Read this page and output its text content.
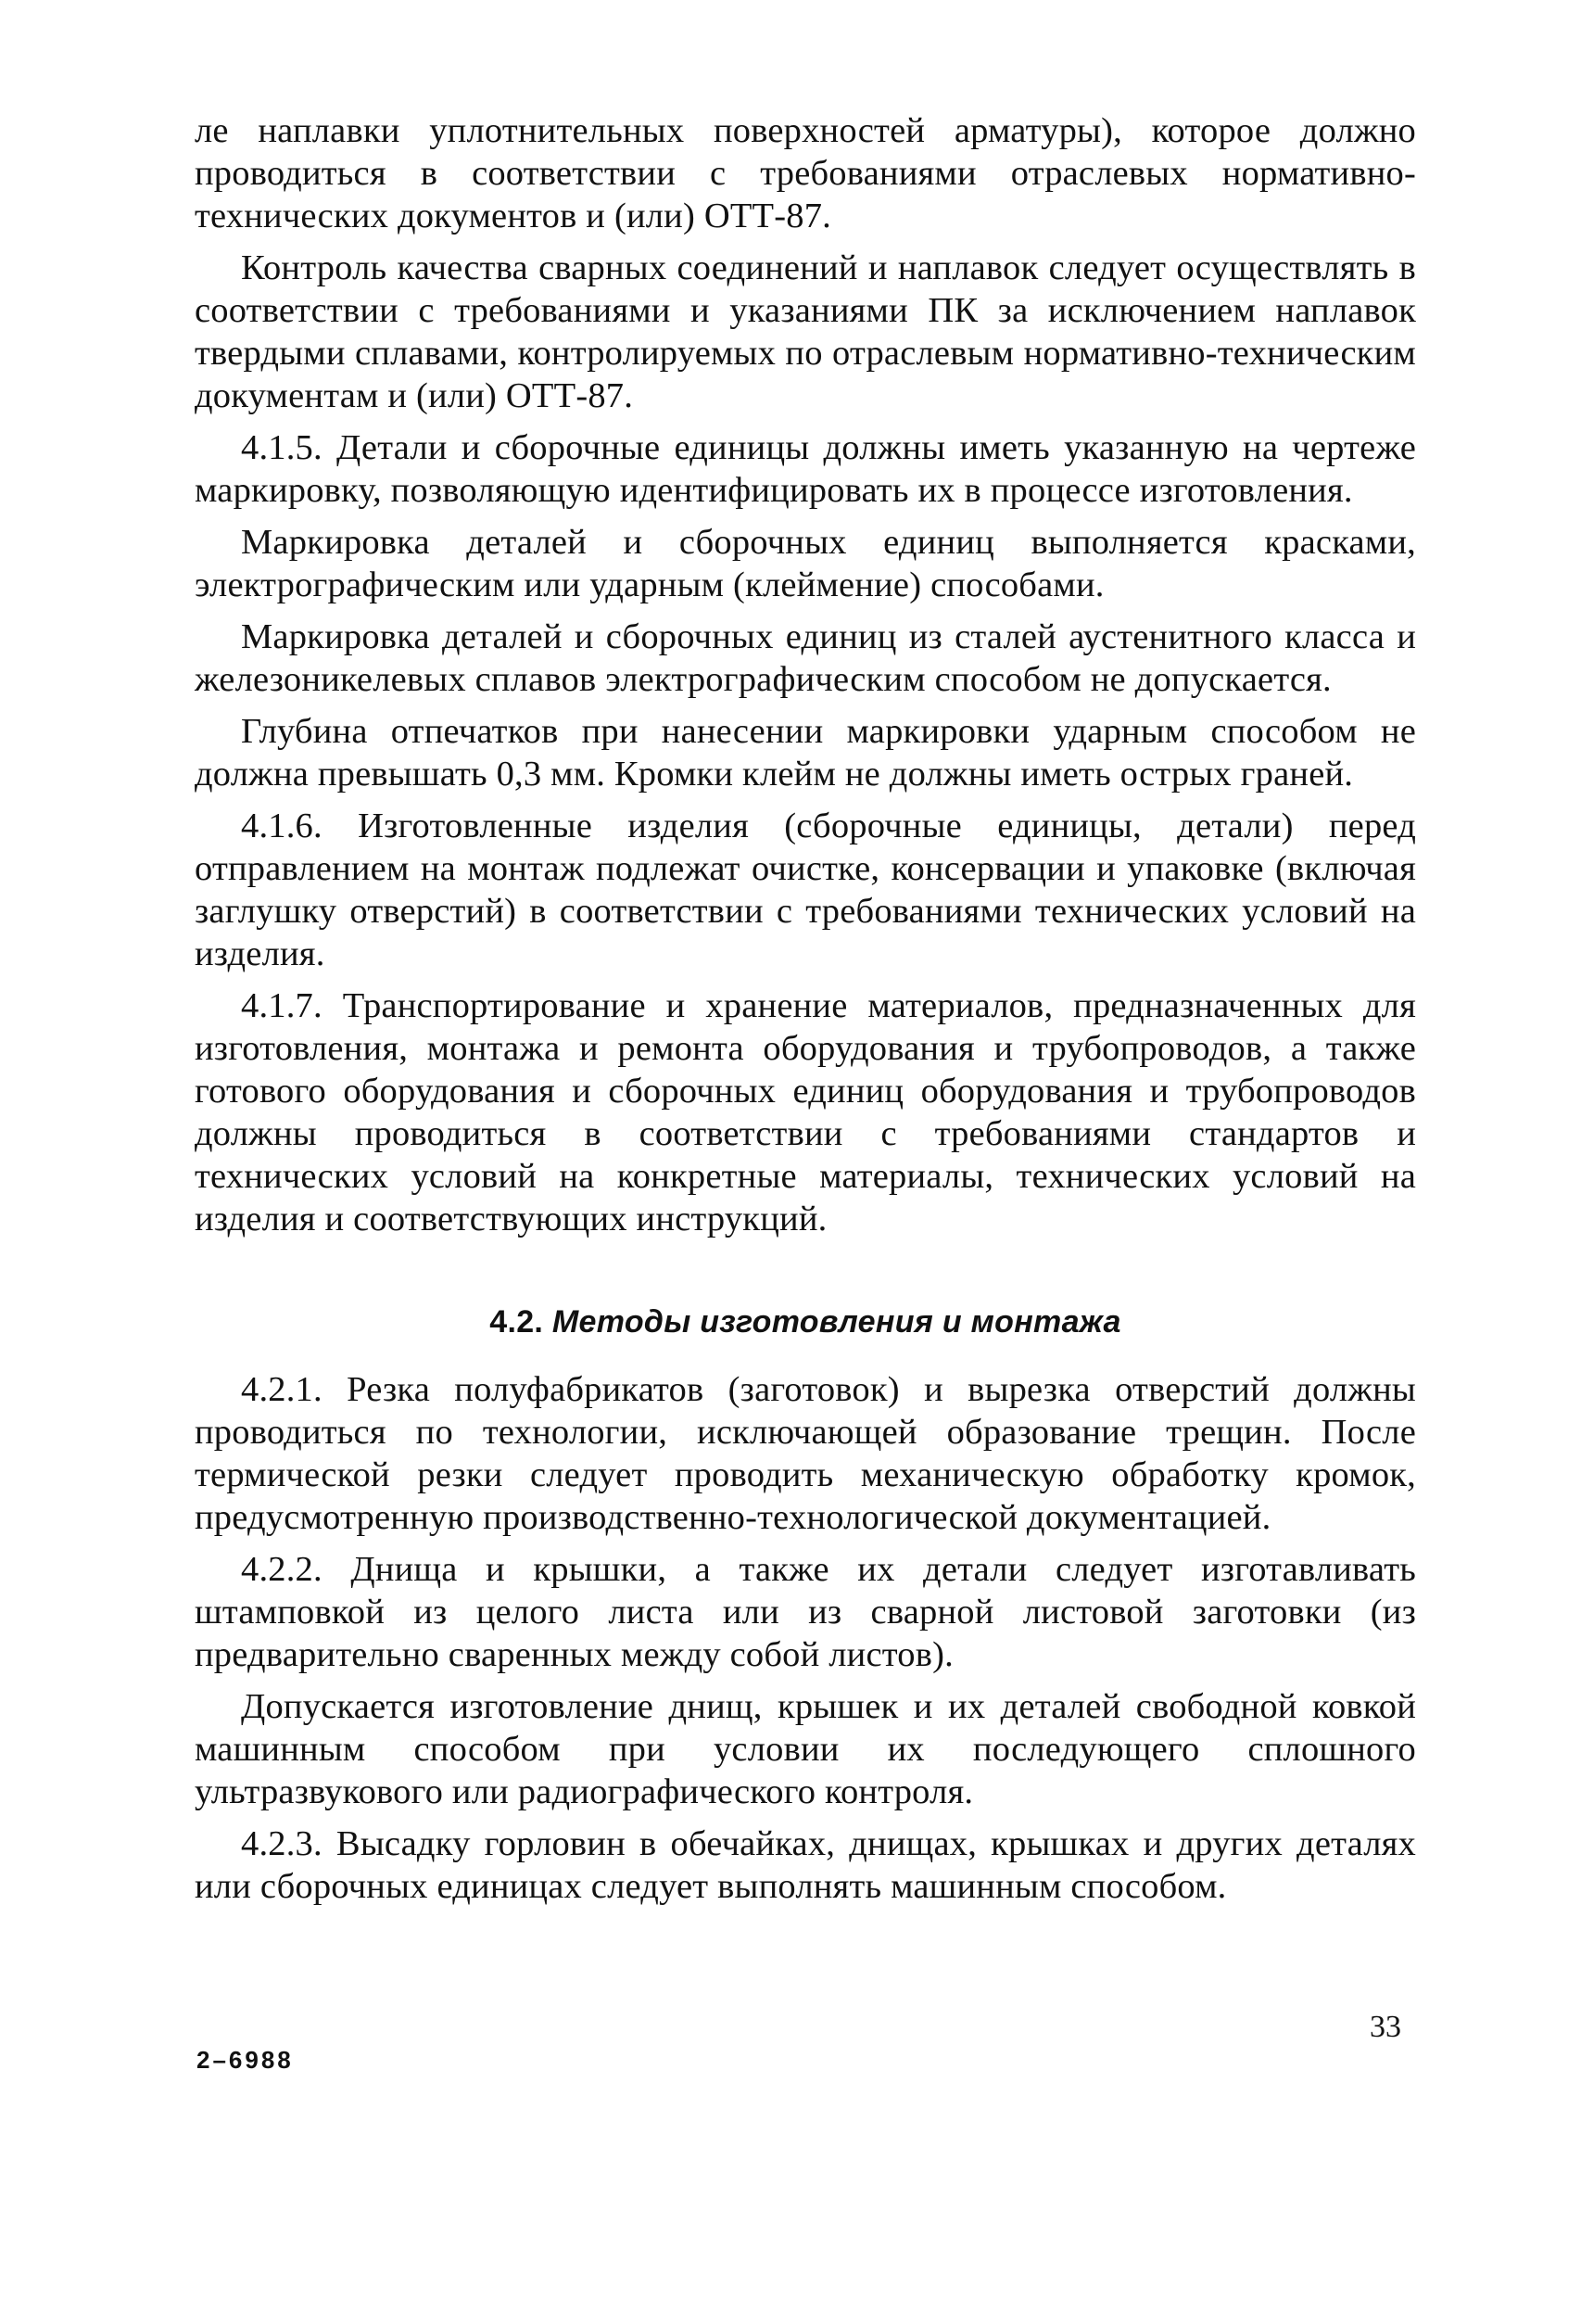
ле наплавки уплотнительных поверхностей арматуры), которое должно проводиться в соответствии с требованиями отраслевых нормативно-технических документов и (или) ОТТ-87.

Контроль качества сварных соединений и наплавок следует осуществлять в соответствии с требованиями и указаниями ПК за исключением наплавок твердыми сплавами, контролируемых по отраслевым нормативно-техническим документам и (или) ОТТ-87.

4.1.5. Детали и сборочные единицы должны иметь указанную на чертеже маркировку, позволяющую идентифицировать их в процессе изготовления.

Маркировка деталей и сборочных единиц выполняется красками, электрографическим или ударным (клеймение) способами.

Маркировка деталей и сборочных единиц из сталей аустенитного класса и железоникелевых сплавов электрографическим способом не допускается.

Глубина отпечатков при нанесении маркировки ударным способом не должна превышать 0,3 мм. Кромки клейм не должны иметь острых граней.

4.1.6. Изготовленные изделия (сборочные единицы, детали) перед отправлением на монтаж подлежат очистке, консервации и упаковке (включая заглушку отверстий) в соответствии с требованиями технических условий на изделия.

4.1.7. Транспортирование и хранение материалов, предназначенных для изготовления, монтажа и ремонта оборудования и трубопроводов, а также готового оборудования и сборочных единиц оборудования и трубопроводов должны проводиться в соответствии с требованиями стандартов и технических условий на конкретные материалы, технических условий на изделия и соответствующих инструкций.

4.2. Методы изготовления и монтажа

4.2.1. Резка полуфабрикатов (заготовок) и вырезка отверстий должны проводиться по технологии, исключающей образование трещин. После термической резки следует проводить механическую обработку кромок, предусмотренную производственно-технологической документацией.

4.2.2. Днища и крышки, а также их детали следует изготавливать штамповкой из целого листа или из сварной листовой заготовки (из предварительно сваренных между собой листов).

Допускается изготовление днищ, крышек и их деталей свободной ковкой машинным способом при условии их последующего сплошного ультразвукового или радиографического контроля.

4.2.3. Высадку горловин в обечайках, днищах, крышках и других деталях или сборочных единицах следует выполнять машинным способом.

2–6988
33
